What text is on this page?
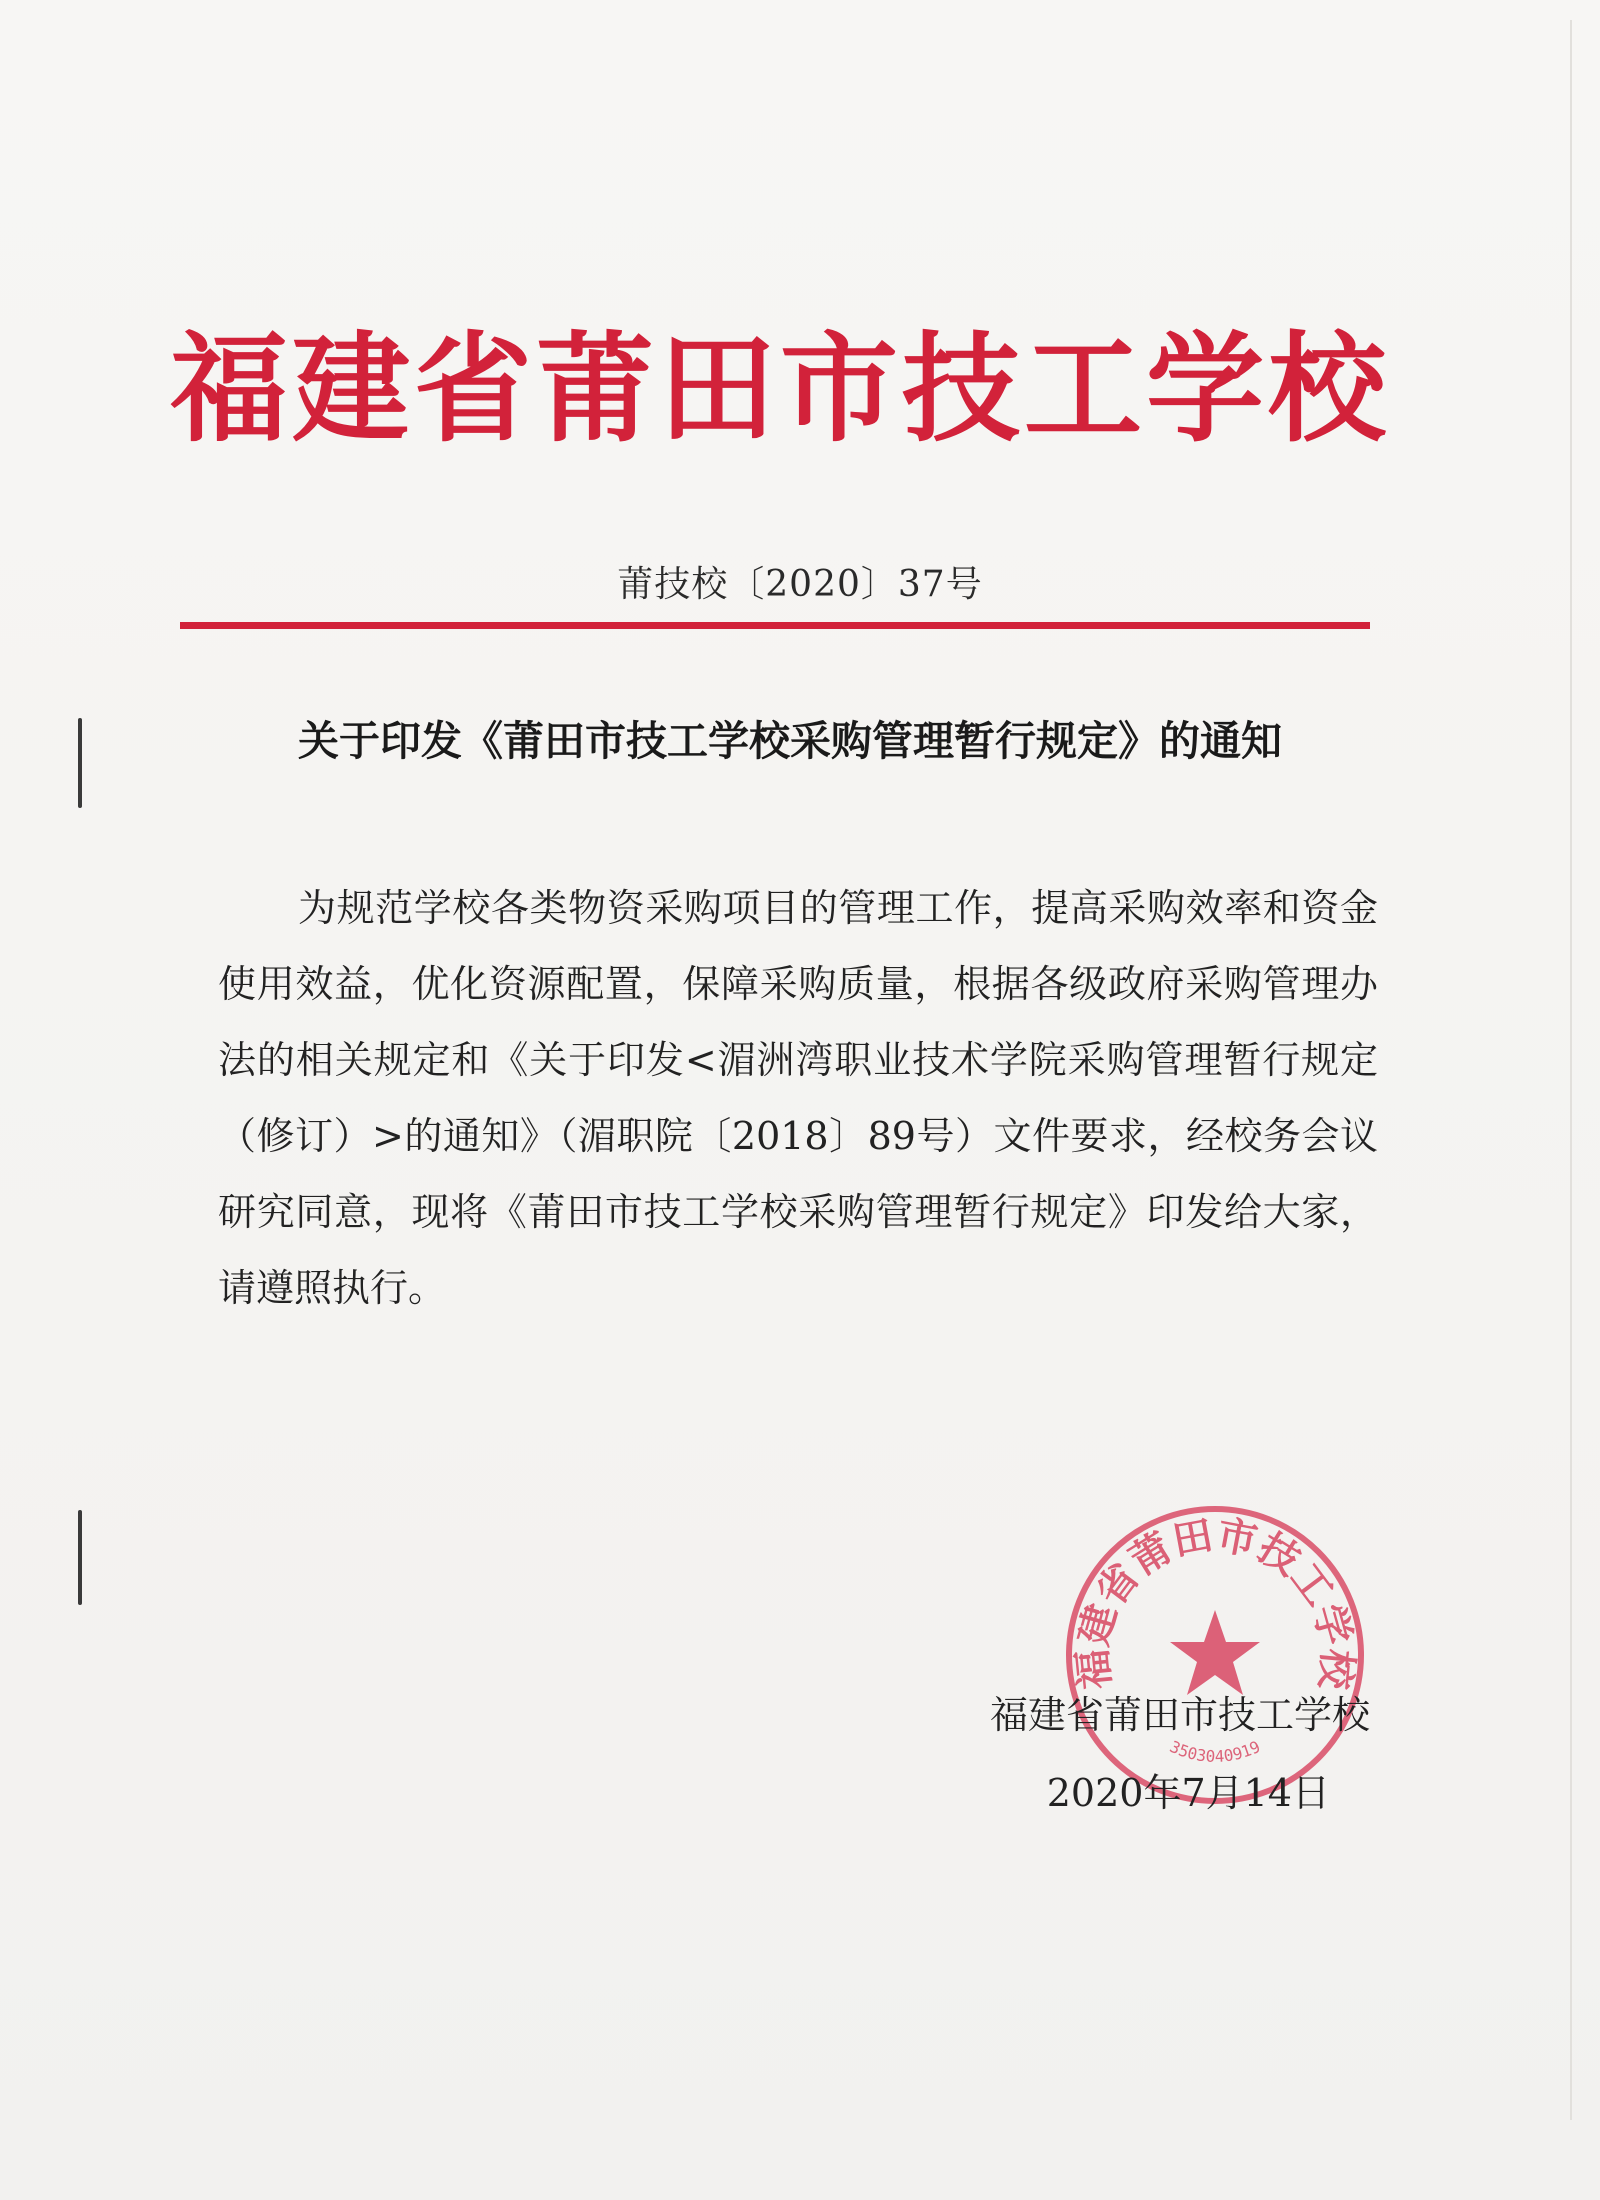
福建省莆田市技工学校
莆技校〔2020〕37号
关于印发《莆田市技工学校采购管理暂行规定》的通知

为规范学校各类物资采购项目的管理工作，提高采购效率和资金使用效益，优化资源配置，保障采购质量，根据各级政府采购管理办法的相关规定和《关于印发<湄洲湾职业技术学院采购管理暂行规定（修订）>的通知》（湄职院〔2018〕89号）文件要求，经校务会议研究同意，现将《莆田市技工学校采购管理暂行规定》印发给大家，请遵照执行。

福建省莆田市技工学校
3503040919
福建省莆田市技工学校
2020年7月14日
